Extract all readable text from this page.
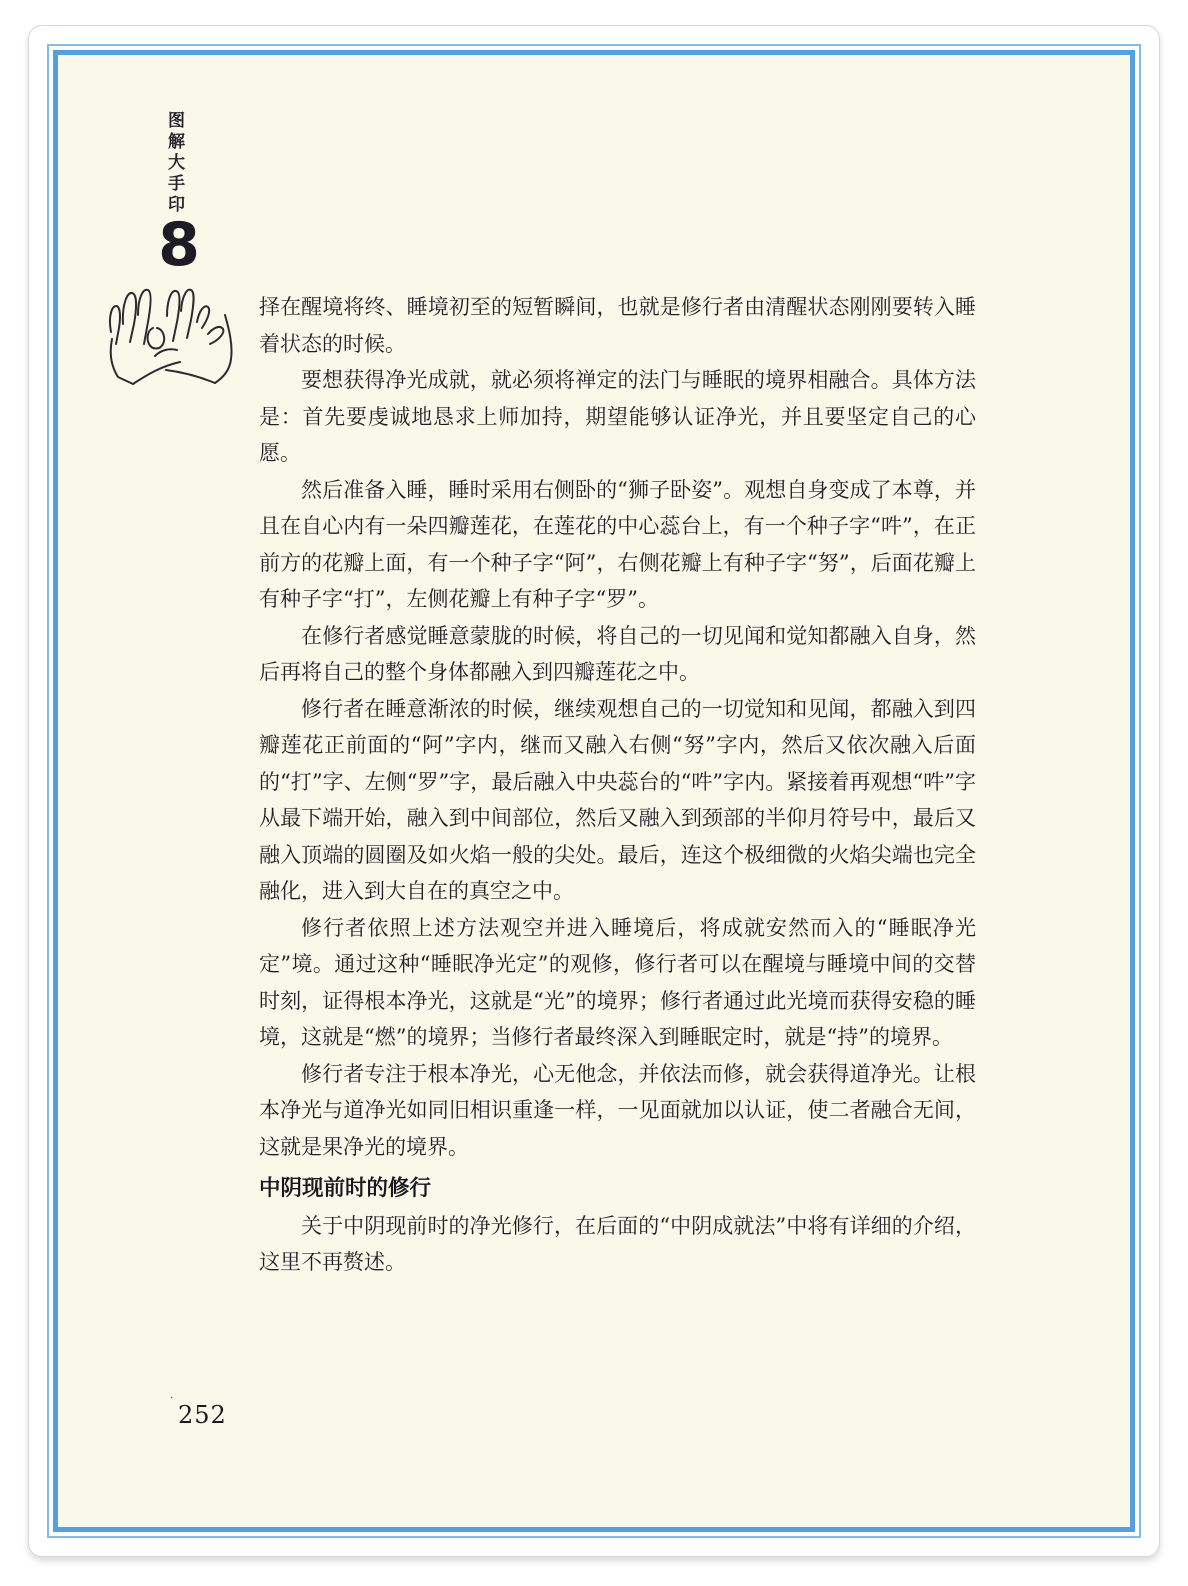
图解大手印
8

择在醒境将终、睡境初至的短暂瞬间，也就是修行者由清醒状态刚刚要转入睡着状态的时候。

要想获得净光成就，就必须将禅定的法门与睡眠的境界相融合。具体方法是：首先要虔诚地恳求上师加持，期望能够认证净光，并且要坚定自己的心愿。

然后准备入睡，睡时采用右侧卧的“狮子卧姿”。观想自身变成了本尊，并且在自心内有一朵四瓣莲花，在莲花的中心蕊台上，有一个种子字“吽”，在正前方的花瓣上面，有一个种子字“阿”，右侧花瓣上有种子字“努”，后面花瓣上有种子字“打”，左侧花瓣上有种子字“罗”。

在修行者感觉睡意蒙胧的时候，将自己的一切见闻和觉知都融入自身，然后再将自己的整个身体都融入到四瓣莲花之中。

修行者在睡意渐浓的时候，继续观想自己的一切觉知和见闻，都融入到四瓣莲花正前面的“阿”字内，继而又融入右侧“努”字内，然后又依次融入后面的“打”字、左侧“罗”字，最后融入中央蕊台的“吽”字内。紧接着再观想“吽”字从最下端开始，融入到中间部位，然后又融入到颈部的半仰月符号中，最后又融入顶端的圆圈及如火焰一般的尖处。最后，连这个极细微的火焰尖端也完全融化，进入到大自在的真空之中。

修行者依照上述方法观空并进入睡境后，将成就安然而入的“睡眠净光定”境。通过这种“睡眠净光定”的观修，修行者可以在醒境与睡境中间的交替时刻，证得根本净光，这就是“光”的境界；修行者通过此光境而获得安稳的睡境，这就是“燃”的境界；当修行者最终深入到睡眠定时，就是“持”的境界。

修行者专注于根本净光，心无他念，并依法而修，就会获得道净光。让根本净光与道净光如同旧相识重逢一样，一见面就加以认证，使二者融合无间，这就是果净光的境界。

中阴现前时的修行

关于中阴现前时的净光修行，在后面的“中阴成就法”中将有详细的介绍，这里不再赘述。

·
252
